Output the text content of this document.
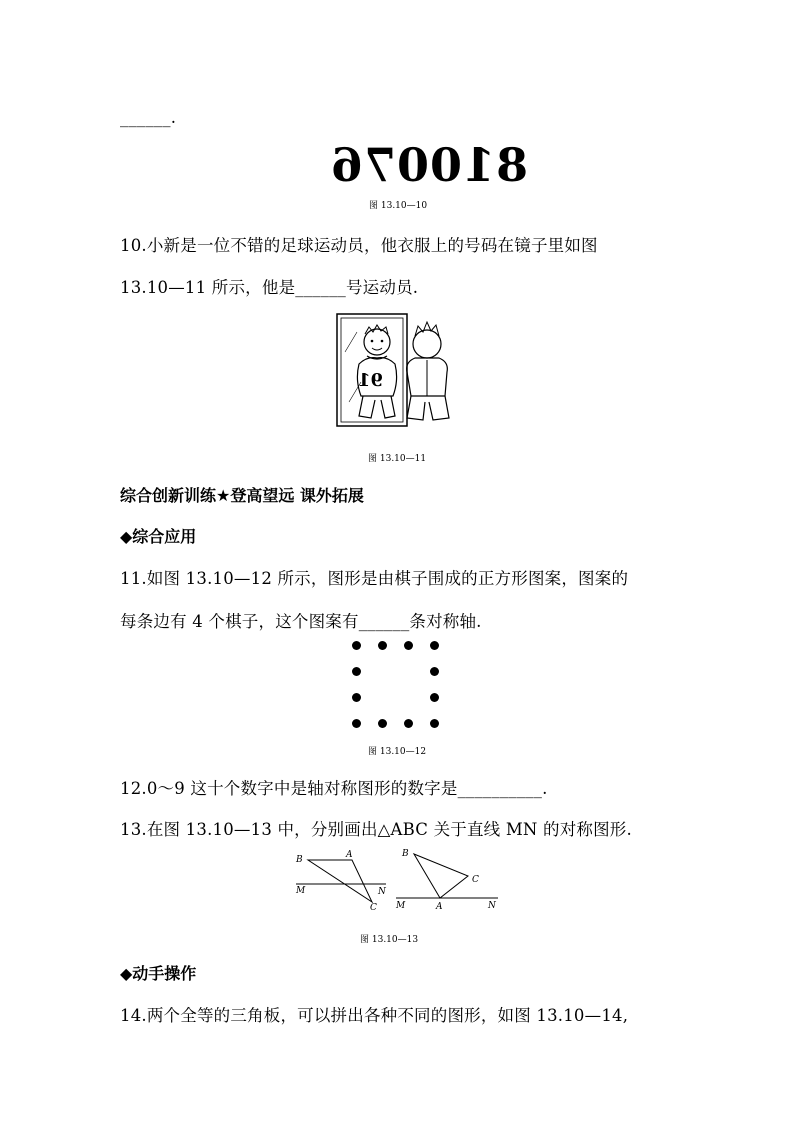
______.
810076
图 13.10—10
10.小新是一位不错的足球运动员，他衣服上的号码在镜子里如图
13.10—11 所示，他是______号运动员.
91
图 13.10—11
综合创新训练★登高望远 课外拓展
◆综合应用
11.如图 13.10—12 所示，图形是由棋子围成的正方形图案，图案的
每条边有 4 个棋子，这个图案有______条对称轴.
图 13.10—12
12.0～9 这十个数字中是轴对称图形的数字是__________.
13.在图 13.10—13 中，分别画出△ABC 关于直线 MN 的对称图形.
B	A
M	N
C
B
C
M	A	N
图 13.10—13
◆动手操作
14.两个全等的三角板，可以拼出各种不同的图形，如图 13.10—14,
